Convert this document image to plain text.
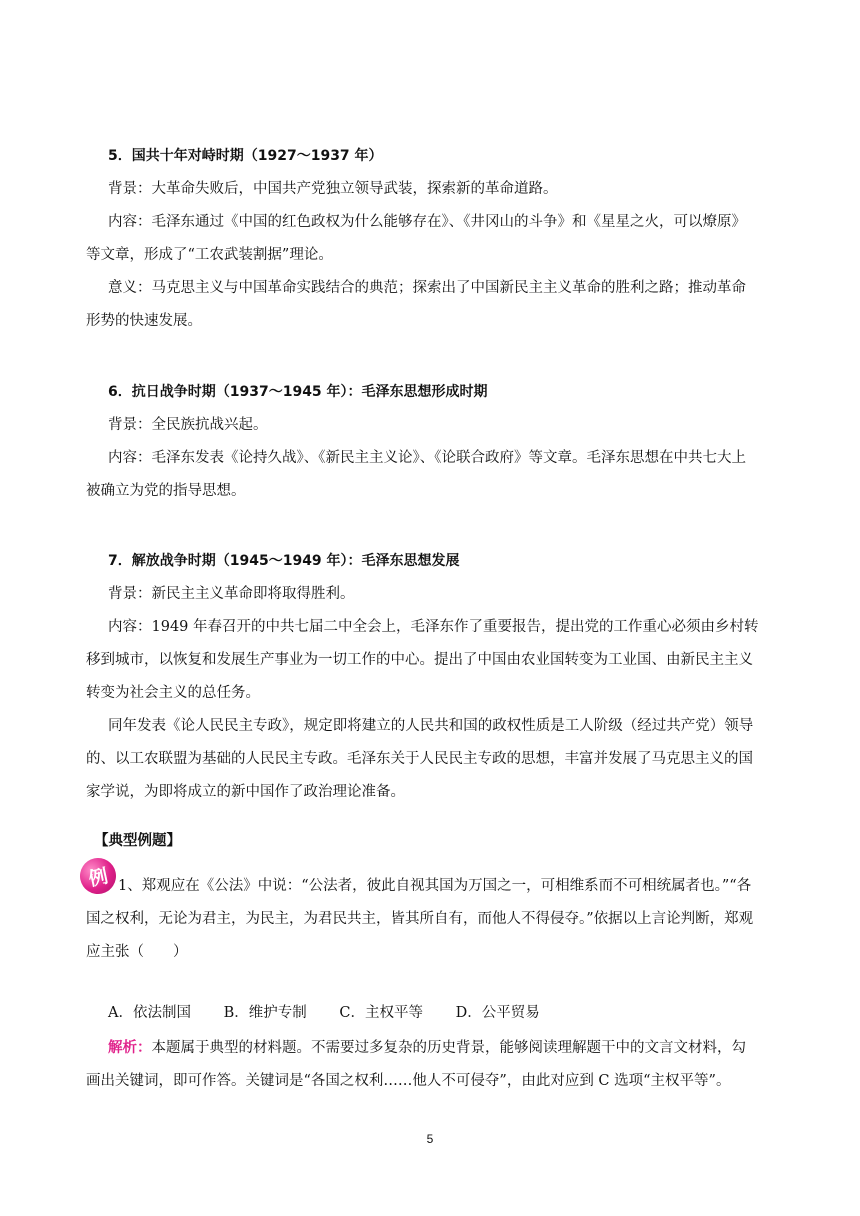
5．国共十年对峙时期（1927～1937 年）
背景：大革命失败后，中国共产党独立领导武装，探索新的革命道路。
内容：毛泽东通过《中国的红色政权为什么能够存在》、《井冈山的斗争》和《星星之火，可以燎原》
等文章，形成了“工农武装割据”理论。
意义：马克思主义与中国革命实践结合的典范；探索出了中国新民主主义革命的胜利之路；推动革命
形势的快速发展。
6．抗日战争时期（1937～1945 年）：毛泽东思想形成时期
背景：全民族抗战兴起。
内容：毛泽东发表《论持久战》、《新民主主义论》、《论联合政府》等文章。毛泽东思想在中共七大上
被确立为党的指导思想。
7．解放战争时期（1945～1949 年）：毛泽东思想发展
背景：新民主主义革命即将取得胜利。
内容：1949 年春召开的中共七届二中全会上，毛泽东作了重要报告，提出党的工作重心必须由乡村转
移到城市，以恢复和发展生产事业为一切工作的中心。提出了中国由农业国转变为工业国、由新民主主义
转变为社会主义的总任务。
同年发表《论人民民主专政》，规定即将建立的人民共和国的政权性质是工人阶级（经过共产党）领导
的、以工农联盟为基础的人民民主专政。毛泽东关于人民民主专政的思想，丰富并发展了马克思主义的国
家学说，为即将成立的新中国作了政治理论准备。
【典型例题】
例 1、郑观应在《公法》中说：“公法者，彼此自视其国为万国之一，可相维系而不可相统属者也。”“各
国之权利，无论为君主，为民主，为君民共主，皆其所自有，而他人不得侵夺。”依据以上言论判断，郑观
应主张（　　）
A．依法制国 B．维护专制 C．主权平等 D．公平贸易
解析：本题属于典型的材料题。不需要过多复杂的历史背景，能够阅读理解题干中的文言文材料，勾
画出关键词，即可作答。关键词是“各国之权利……他人不可侵夺”，由此对应到 C 选项“主权平等”。
5
